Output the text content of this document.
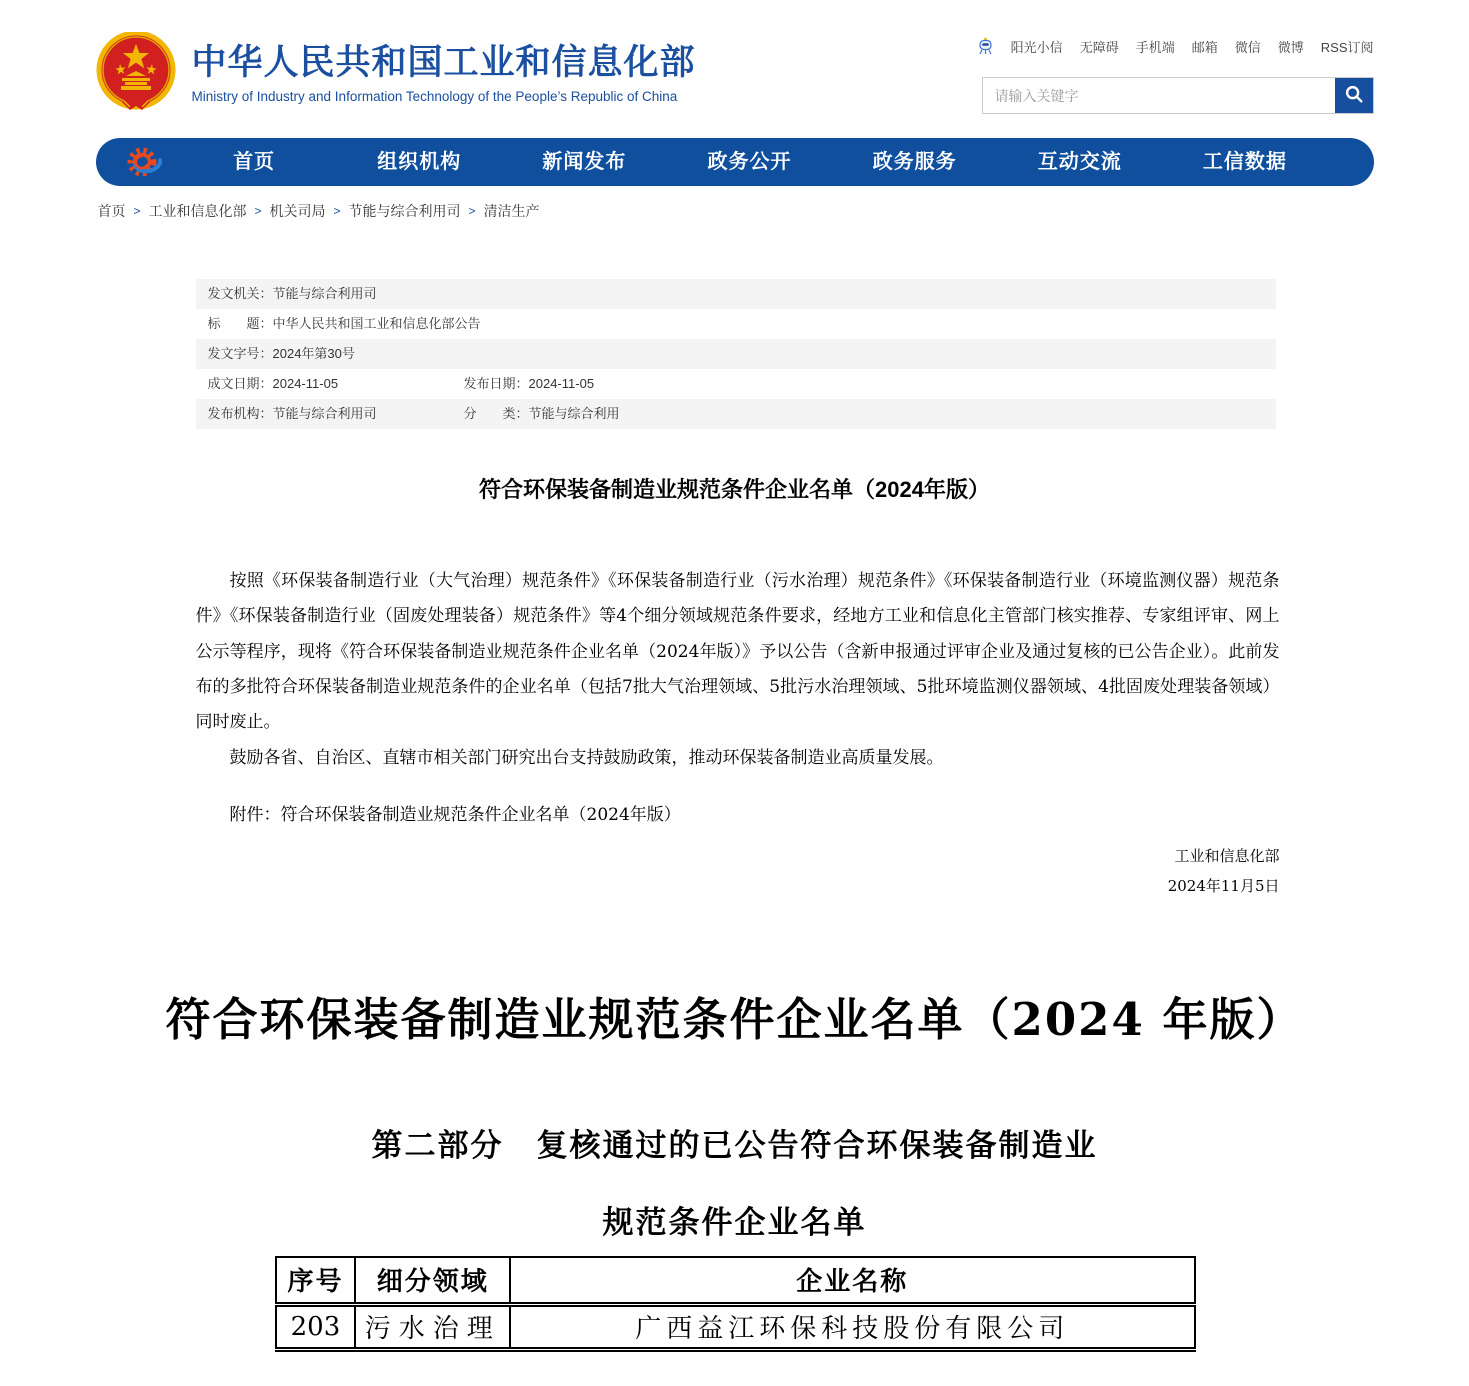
中华人民共和国工业和信息化部
Ministry of Industry and Information Technology of the People’s Republic of China
阳光小信 无障碍 手机端 邮箱 微信 微博 RSS订阅
请输入关键字
首页	组织机构	新闻发布	政务公开	政务服务	互动交流	工信数据
首页 > 工业和信息化部 > 机关司局 > 节能与综合利用司 > 清洁生产
发文机关： 节能与综合利用司
标　　题： 中华人民共和国工业和信息化部公告
发文字号： 2024年第30号
成文日期： 2024-11-05	发布日期： 2024-11-05
发布机构： 节能与综合利用司	分　　类： 节能与综合利用
符合环保装备制造业规范条件企业名单（2024年版）

按照《环保装备制造行业（大气治理）规范条件》《环保装备制造行业（污水治理）规范条件》《环保装备制造行业（环境监测仪器）规范条件》《环保装备制造行业（固废处理装备）规范条件》等4个细分领域规范条件要求，经地方工业和信息化主管部门核实推荐、专家组评审、网上公示等程序，现将《符合环保装备制造业规范条件企业名单（2024年版）》予以公告（含新申报通过评审企业及通过复核的已公告企业）。此前发布的多批符合环保装备制造业规范条件的企业名单（包括7批大气治理领域、5批污水治理领域、5批环境监测仪器领域、4批固废处理装备领域）同时废止。

鼓励各省、自治区、直辖市相关部门研究出台支持鼓励政策，推动环保装备制造业高质量发展。

附件：符合环保装备制造业规范条件企业名单（2024年版）
工业和信息化部
2024年11月5日
符合环保装备制造业规范条件企业名单（2024 年版）
第二部分　复核通过的已公告符合环保装备制造业
规范条件企业名单
序号	细分领域	企业名称
203	污水治理	广西益江环保科技股份有限公司
